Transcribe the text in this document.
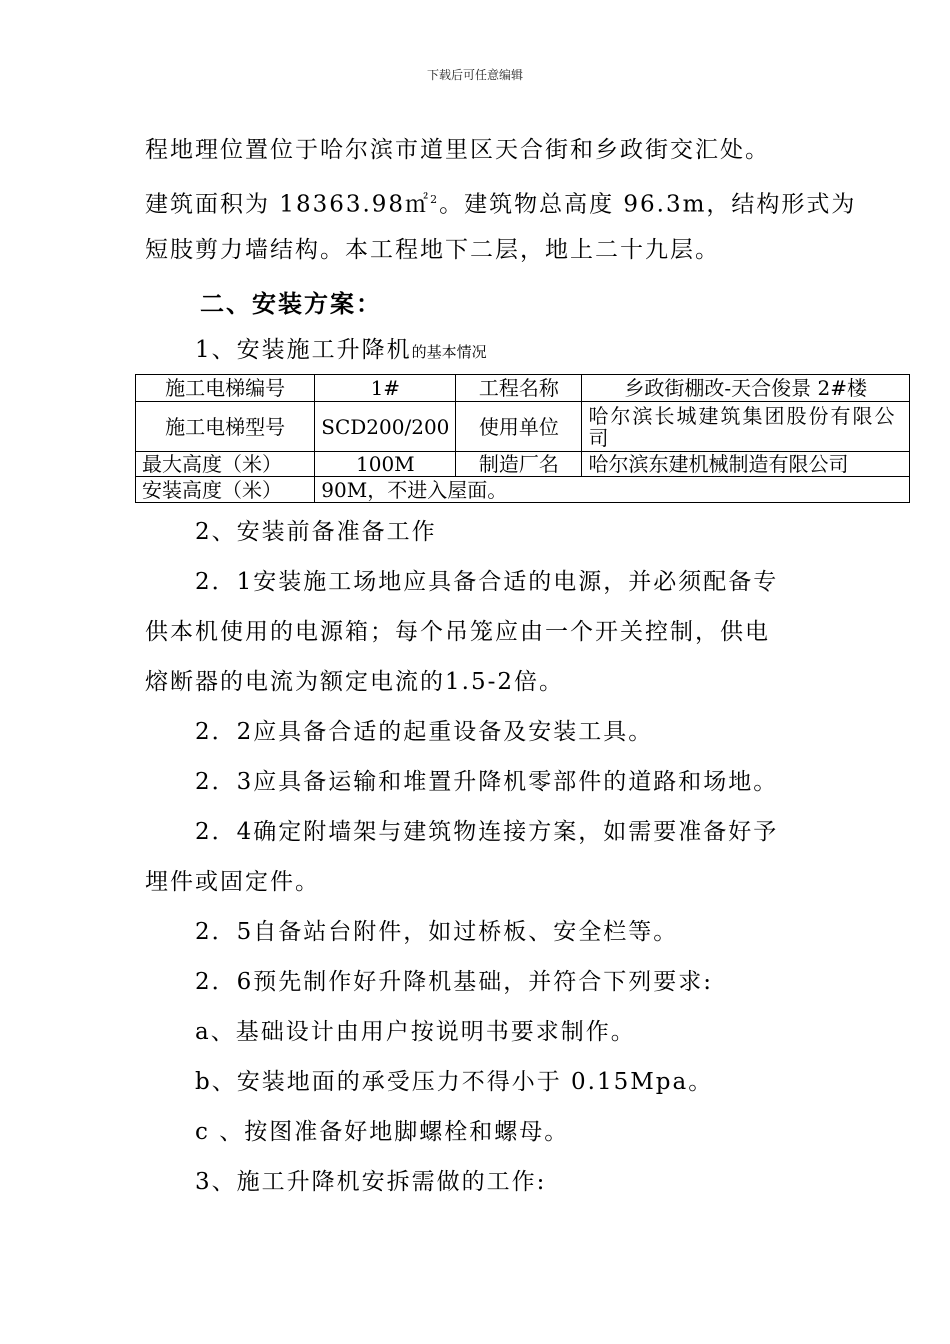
下载后可任意编辑
程地理位置位于哈尔滨市道里区天合街和乡政街交汇处。
建筑面积为 18363.98㎡$^2$。建筑物总高度 96.3m，结构形式为
短肢剪力墙结构。本工程地下二层，地上二十九层。
二、安装方案：
1、安装施工升降机的基本情况
施工电梯编号	1#	工程名称	乡政街棚改-天合俊景 2#楼
施工电梯型号	SCD200/200	使用单位	哈尔滨长城建筑集团股份有限公司
最大高度（米）	100M	制造厂名	哈尔滨东建机械制造有限公司
安装高度（米）	90M，不进入屋面。		
2、安装前备准备工作
2．1安装施工场地应具备合适的电源，并必须配备专
供本机使用的电源箱；每个吊笼应由一个开关控制，供电
熔断器的电流为额定电流的1.5-2倍。
2．2应具备合适的起重设备及安装工具。
2．3应具备运输和堆置升降机零部件的道路和场地。
2．4确定附墙架与建筑物连接方案，如需要准备好予
埋件或固定件。
2．5自备站台附件，如过桥板、安全栏等。
2．6预先制作好升降机基础，并符合下列要求:
a、基础设计由用户按说明书要求制作。
b、安装地面的承受压力不得小于 0.15Mpa。
c 、按图准备好地脚螺栓和螺母。
3、施工升降机安拆需做的工作:
